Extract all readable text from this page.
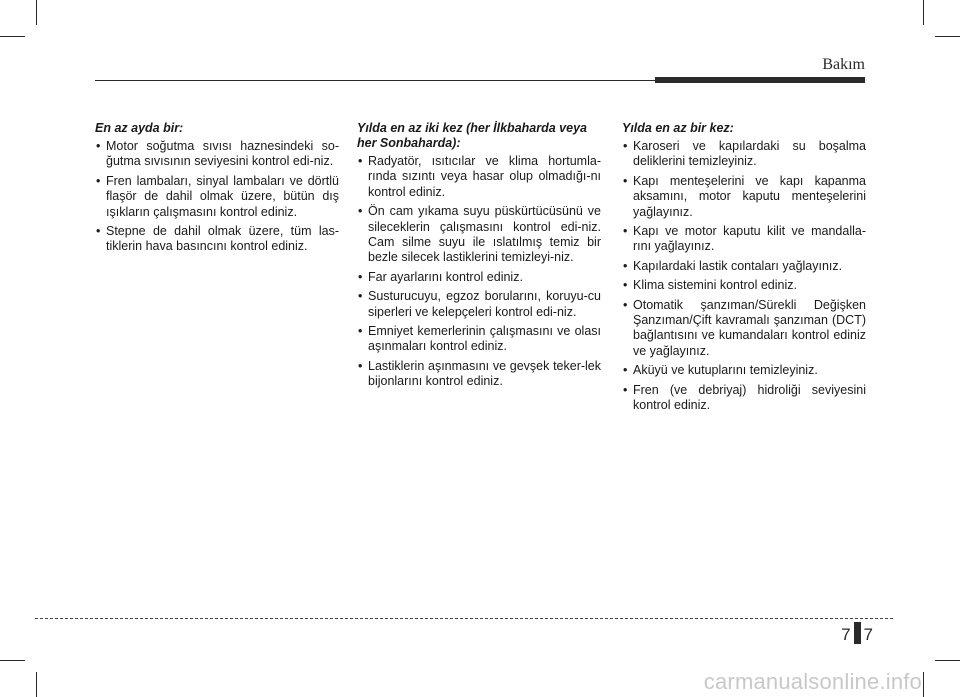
Bakım

En az ayda bir:

• Motor soğutma sıvısı haznesindeki so-ğutma sıvısının seviyesini kontrol edi-niz.
• Fren lambaları, sinyal lambaları ve dörtlü flaşör de dahil olmak üzere, bütün dış ışıkların çalışmasını kontrol ediniz.
• Stepne de dahil olmak üzere, tüm las-tiklerin hava basıncını kontrol ediniz.

Yılda en az iki kez (her İlkbaharda veya her Sonbaharda):

• Radyatör, ısıtıcılar ve klima hortumla-rında sızıntı veya hasar olup olmadığı-nı kontrol ediniz.
• Ön cam yıkama suyu püskürtücüsünü ve sileceklerin çalışmasını kontrol edi-niz. Cam silme suyu ile ıslatılmış temiz bir bezle silecek lastiklerini temizleyi-niz.
• Far ayarlarını kontrol ediniz.
• Susturucuyu, egzoz borularını, koruyu-cu siperleri ve kelepçeleri kontrol edi-niz.
• Emniyet kemerlerinin çalışmasını ve olası aşınmaları kontrol ediniz.
• Lastiklerin aşınmasını ve gevşek teker-lek bijonlarını kontrol ediniz.

Yılda en az bir kez:

• Karoseri ve kapılardaki su boşalma deliklerini temizleyiniz.
• Kapı menteşelerini ve kapı kapanma aksamını, motor kaputu menteşelerini yağlayınız.
• Kapı ve motor kaputu kilit ve mandalla-rını yağlayınız.
• Kapılardaki lastik contaları yağlayınız.
• Klima sistemini kontrol ediniz.
• Otomatik şanzıman/Sürekli Değişken Şanzıman/Çift kavramalı şanzıman (DCT) bağlantısını ve kumandaları kontrol ediniz ve yağlayınız.
• Aküyü ve kutuplarını temizleyiniz.
• Fren (ve debriyaj) hidroliği seviyesini kontrol ediniz.
7 7
carmanualsonline.info
